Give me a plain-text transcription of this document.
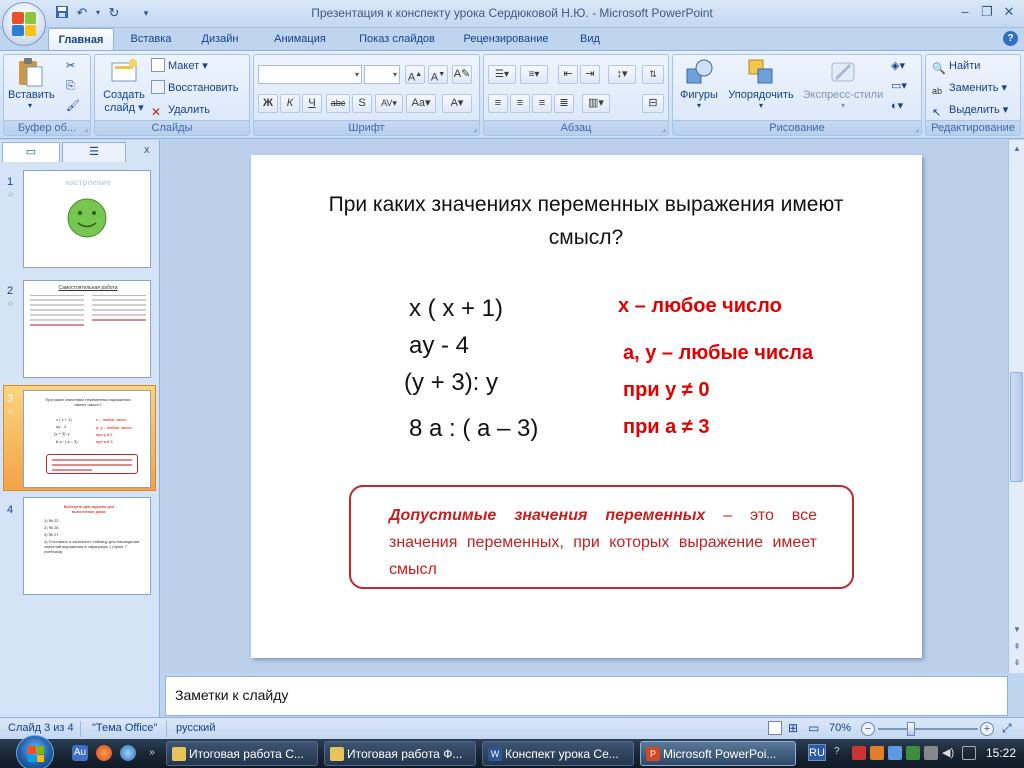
↶	▾ ↻	▾	Презентация к конспекту урока Сердюковой Н.Ю. - Microsoft PowerPoint	– ❐ ✕
Главная	Вставка	Дизайн	Анимация	Показ слайдов	Рецензирование	Вид	?
Вставить
▾
✂
⎘
🖌
Буфер об...	⌟
Создать
слайд ▾
Макет ▾
Восстановить
✕ Удалить
Слайды
▾	▾ A▲ A▼ A✎
Ж	К	Ч	abc	S	AV▾	Aa▾	A▾
Шрифт	⌟
☰▾	≡▾	⇤	⇥	↕▾	⇅
≡	≡	≡	≣	▥▾	⊟
Абзац	⌟
Фигуры
▾
Упорядочить
▾
Экспресс-стили
▾
◈▾
▭▾
◐▾
Рисование	⌟
🔍 Найти
ab Заменить ▾
↖ Выделить ▾
Редактирование
▭	☰	x
1
☆
настроение
2
☆
Самостоятельная работа
3
☆
При каких значениях переменных выражения имеют смысл?
x ( x + 1)
ay - 4
(y + 3): y
8 a : ( a – 3)
x – любое число
a, y – любые числа
при y ≠ 0
при a ≠ 3
4	Выберите два задания для выполнения дома:
1) № 22 ,
2) № 26
3) № 27.
4) Составить и заполнить таблицу для нахождения значений выражения в параграфе 1 (пункт 7 учебника)
При каких значениях переменных выражения имеют смысл?
x ( x + 1)
ay - 4
(y + 3): y
8 a : ( a – 3)
x – любое число
a, y – любые числа
при y ≠ 0
при a ≠ 3
Допустимые значения переменных – это все значения переменных, при которых выражение имеет смысл
▲
▼
⇞
⇟
Заметки к слайду
Слайд 3 из 4 "Тема Office" русский	⊞ ▭ 70%	−	+ ⤢
Au	»	Итоговая работа С...	Итоговая работа Ф...	W Конспект урока Се...	P Microsoft PowerPoi...	RU ?	◀)	15:22
